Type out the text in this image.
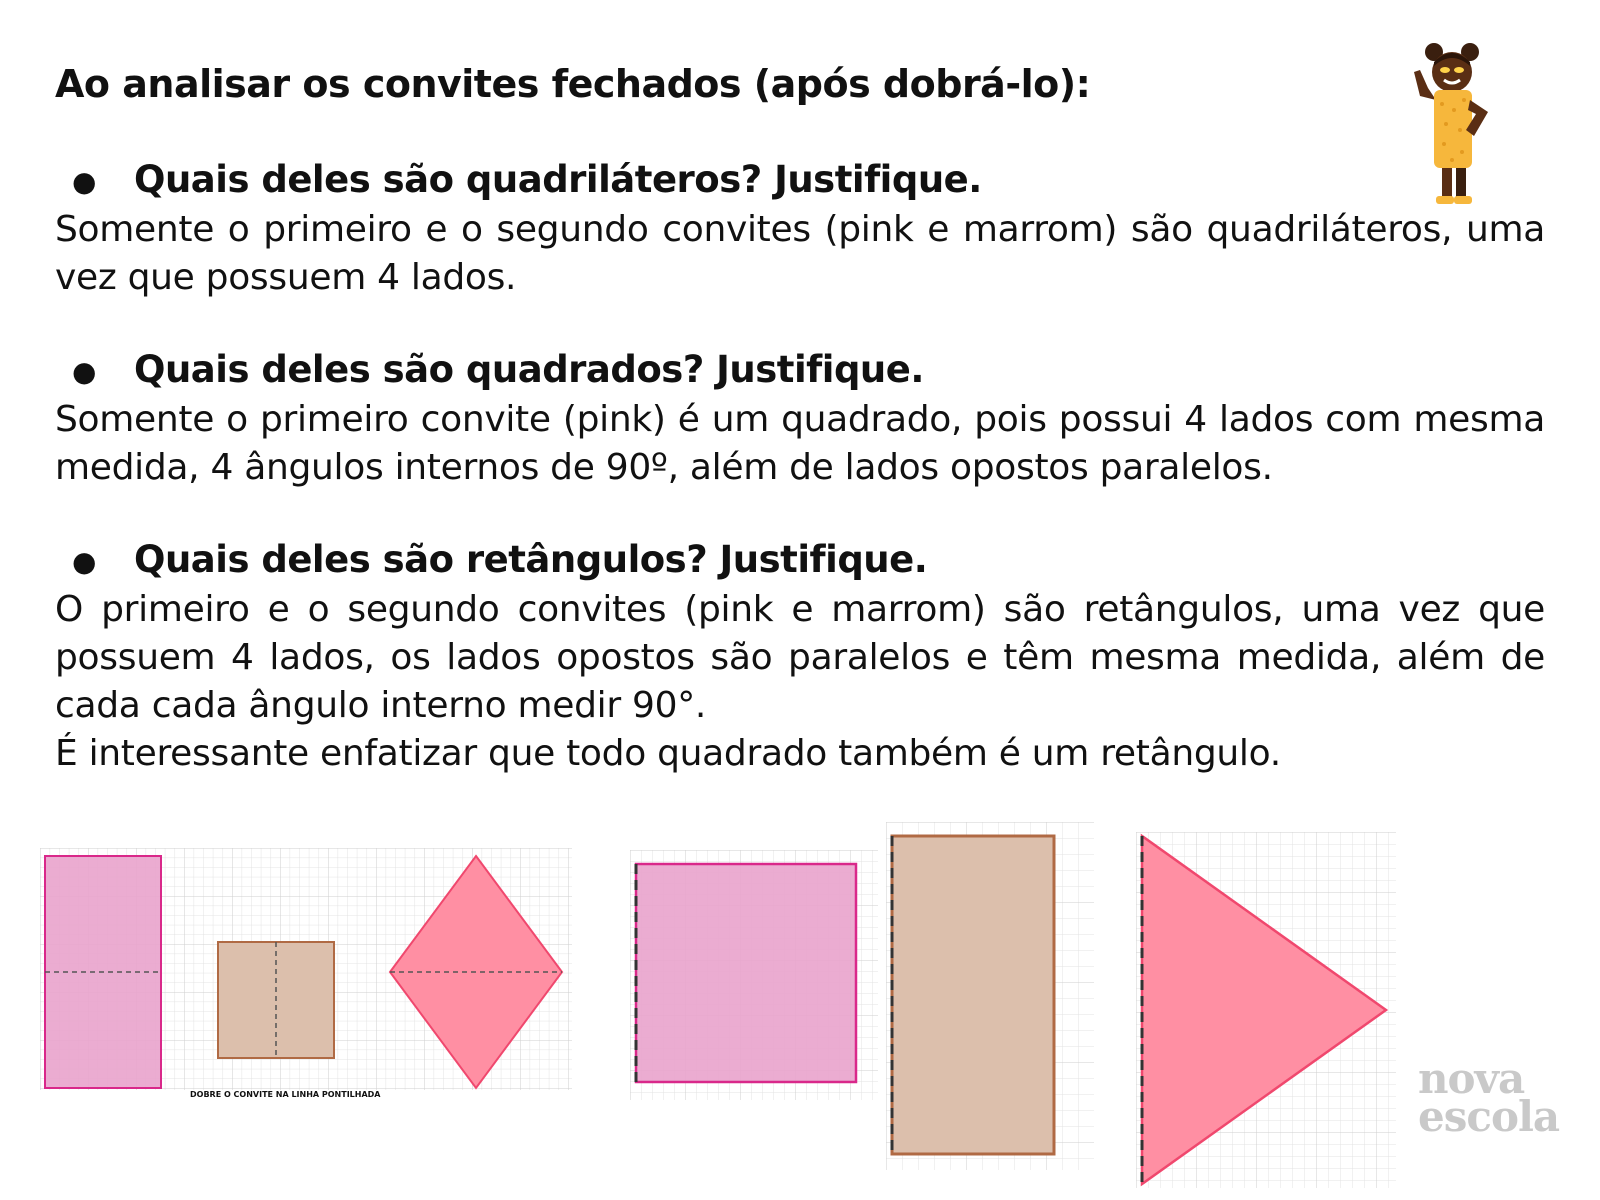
Ao analisar os convites fechados (após dobrá-lo):
● Quais deles são quadriláteros? Justifique.

Somente o primeiro e o segundo convites (pink e marrom) são quadriláteros, uma vez que possuem 4 lados.

● Quais deles são quadrados? Justifique.

Somente o primeiro convite (pink) é um quadrado, pois possui 4 lados com mesma medida, 4 ângulos internos de 90º, além de lados opostos paralelos.

● Quais deles são retângulos? Justifique.

O primeiro e o segundo convites (pink e marrom) são retângulos, uma vez que possuem 4 lados, os lados opostos são paralelos e têm mesma medida, além de cada cada ângulo interno medir 90°.

É interessante enfatizar que todo quadrado também é um retângulo.

DOBRE O CONVITE NA LINHA PONTILHADA	nova
escola
